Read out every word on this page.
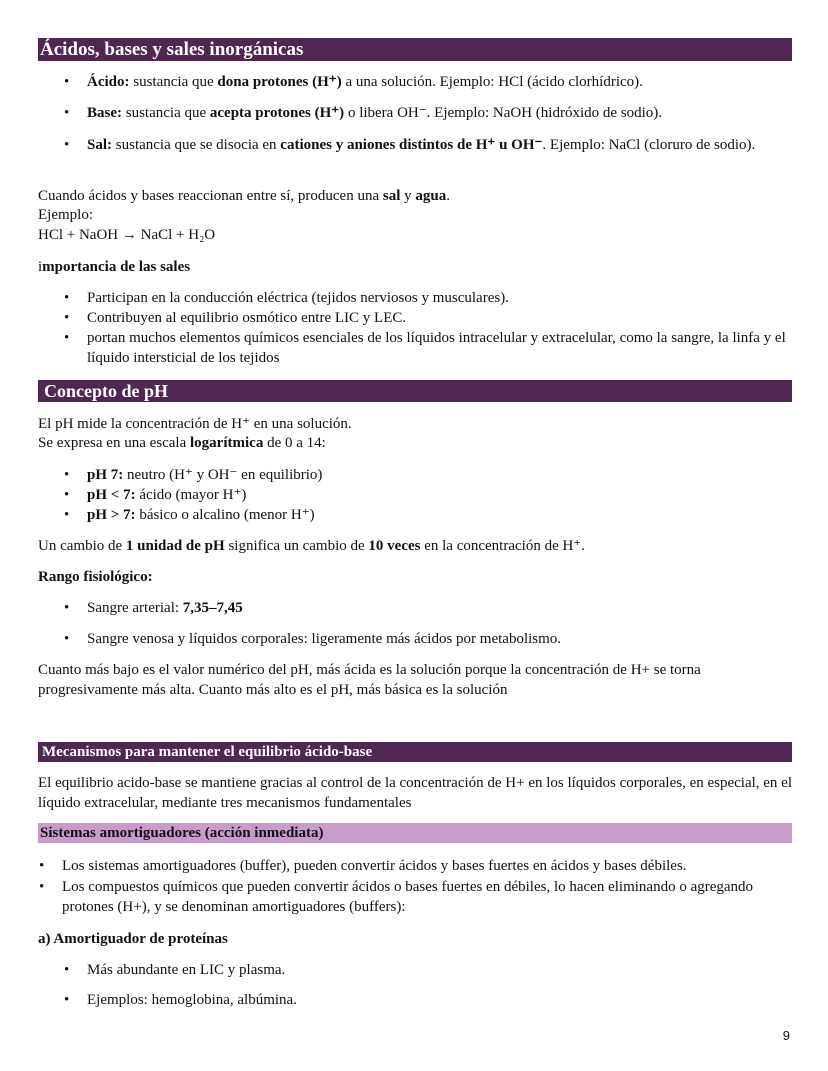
Ácidos, bases y sales inorgánicas
• Ácido: sustancia que dona protones (H⁺) a una solución. Ejemplo: HCl (ácido clorhídrico).
• Base: sustancia que acepta protones (H⁺) o libera OH⁻. Ejemplo: NaOH (hidróxido de sodio).
• Sal: sustancia que se disocia en cationes y aniones distintos de H⁺ u OH⁻. Ejemplo: NaCl (cloruro de sodio).
Cuando ácidos y bases reaccionan entre sí, producen una sal y agua.
Ejemplo:
HCl + NaOH → NaCl + H₂O
importancia de las sales
• Participan en la conducción eléctrica (tejidos nerviosos y musculares).
• Contribuyen al equilibrio osmótico entre LIC y LEC.
• portan muchos elementos químicos esenciales de los líquidos intracelular y extracelular, como la sangre, la linfa y el líquido intersticial de los tejidos
Concepto de pH
El pH mide la concentración de H⁺ en una solución.
Se expresa en una escala logarítmica de 0 a 14:
• pH 7: neutro (H⁺ y OH⁻ en equilibrio)
• pH < 7: ácido (mayor H⁺)
• pH > 7: básico o alcalino (menor H⁺)
Un cambio de 1 unidad de pH significa un cambio de 10 veces en la concentración de H⁺.
Rango fisiológico:
• Sangre arterial: 7,35–7,45
• Sangre venosa y líquidos corporales: ligeramente más ácidos por metabolismo.
Cuanto más bajo es el valor numérico del pH, más ácida es la solución porque la concentración de H+ se torna progresivamente más alta. Cuanto más alto es el pH, más básica es la solución
Mecanismos para mantener el equilibrio ácido-base
El equilibrio acido-base se mantiene gracias al control de la concentración de H+ en los líquidos corporales, en especial, en el líquido extracelular, mediante tres mecanismos fundamentales
Sistemas amortiguadores (acción inmediata)
• Los sistemas amortiguadores (buffer), pueden convertir ácidos y bases fuertes en ácidos y bases débiles.
• Los compuestos químicos que pueden convertir ácidos o bases fuertes en débiles, lo hacen eliminando o agregando protones (H+), y se denominan amortiguadores (buffers):
a) Amortiguador de proteínas
• Más abundante en LIC y plasma.
• Ejemplos: hemoglobina, albúmina.
9
